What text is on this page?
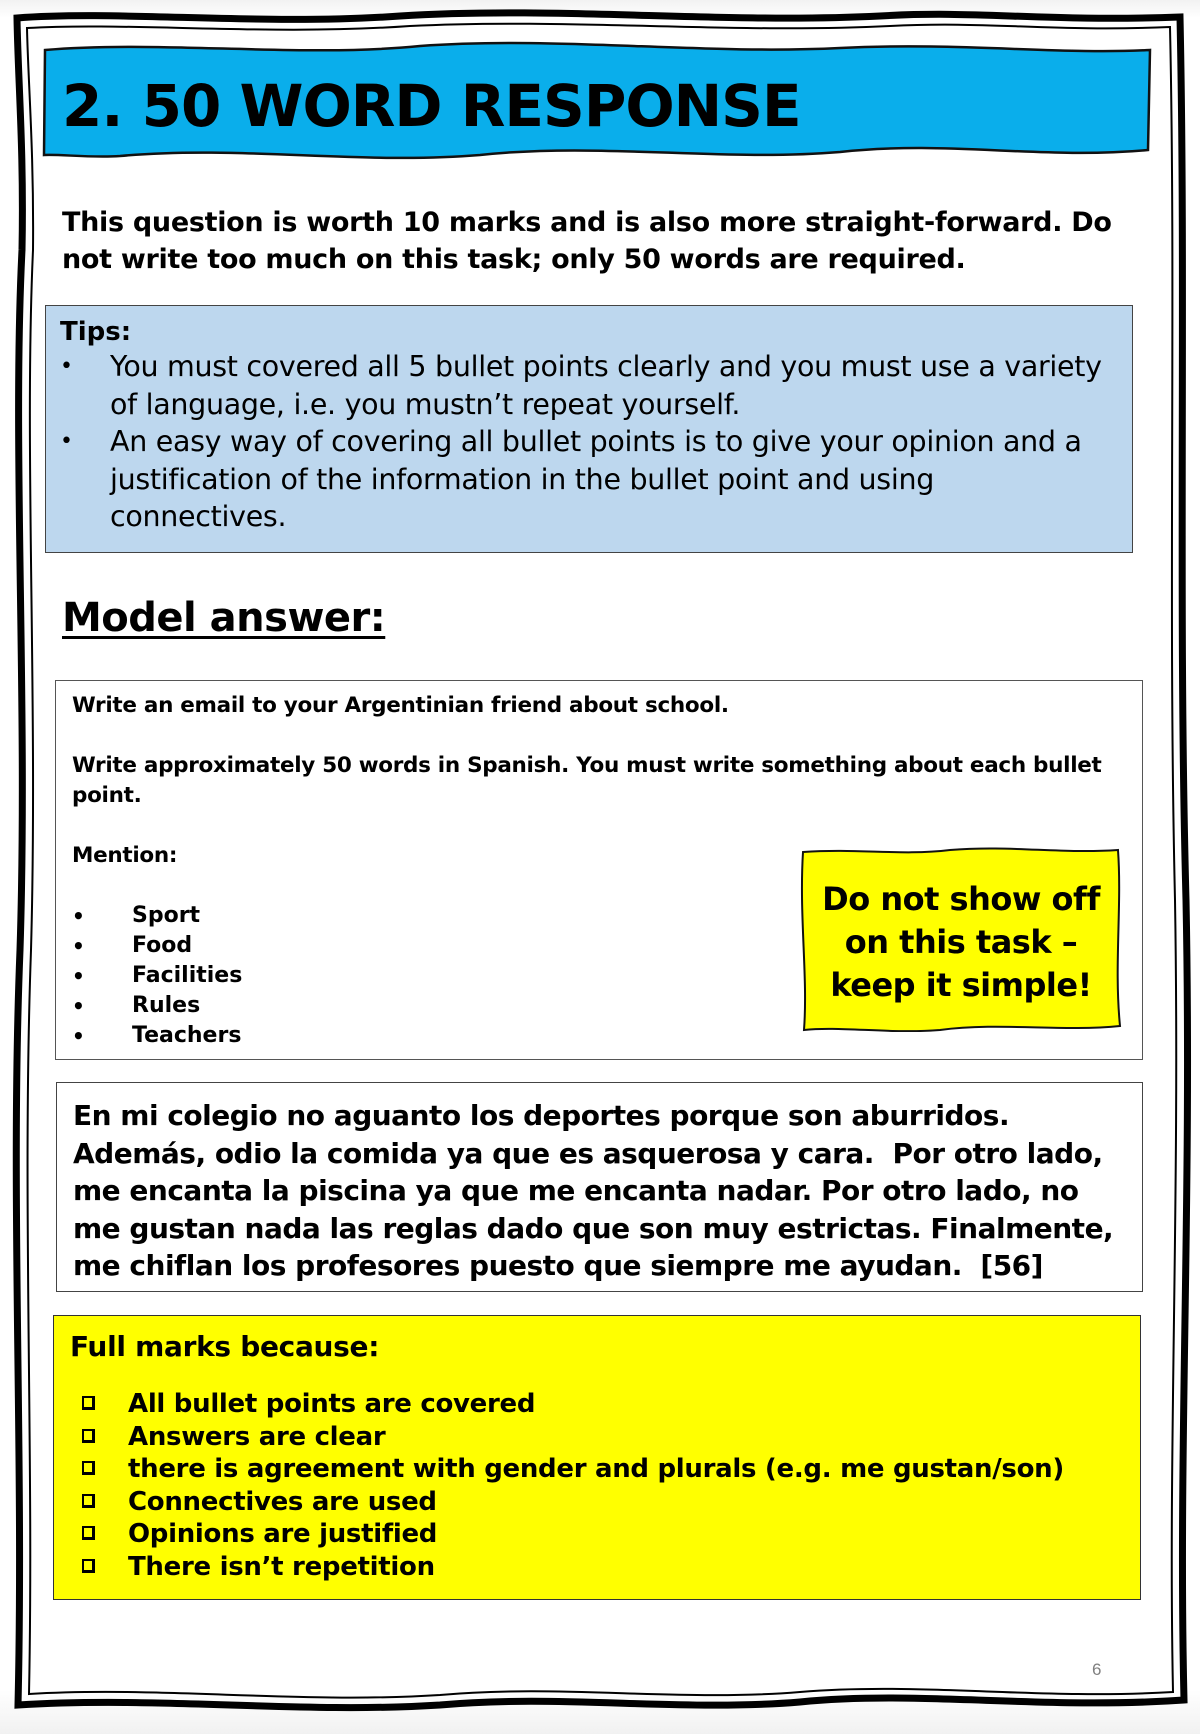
2. 50 WORD RESPONSE
This question is worth 10 marks and is also more straight-forward. Do not write too much on this task; only 50 words are required.
Tips:
•	You must covered all 5 bullet points clearly and you must use a variety of language, i.e. you mustn’t repeat yourself.
•	An easy way of covering all bullet points is to give your opinion and a justification of the information in the bullet point and using connectives.
Model answer:

Write an email to your Argentinian friend about school.

Write approximately 50 words in Spanish. You must write something about each bullet point.

Mention:

• Sport
• Food
• Facilities
• Rules
• Teachers
Do not show off
on this task –
keep it simple!
En mi colegio no aguanto los deportes porque son aburridos.
Además, odio la comida ya que es asquerosa y cara.  Por otro lado,
me encanta la piscina ya que me encanta nadar. Por otro lado, no
me gustan nada las reglas dado que son muy estrictas. Finalmente,
me chiflan los profesores puesto que siempre me ayudan.  [56]
Full marks because:
All bullet points are covered
Answers are clear
there is agreement with gender and plurals (e.g. me gustan/son)
Connectives are used
Opinions are justified
There isn’t repetition
6
